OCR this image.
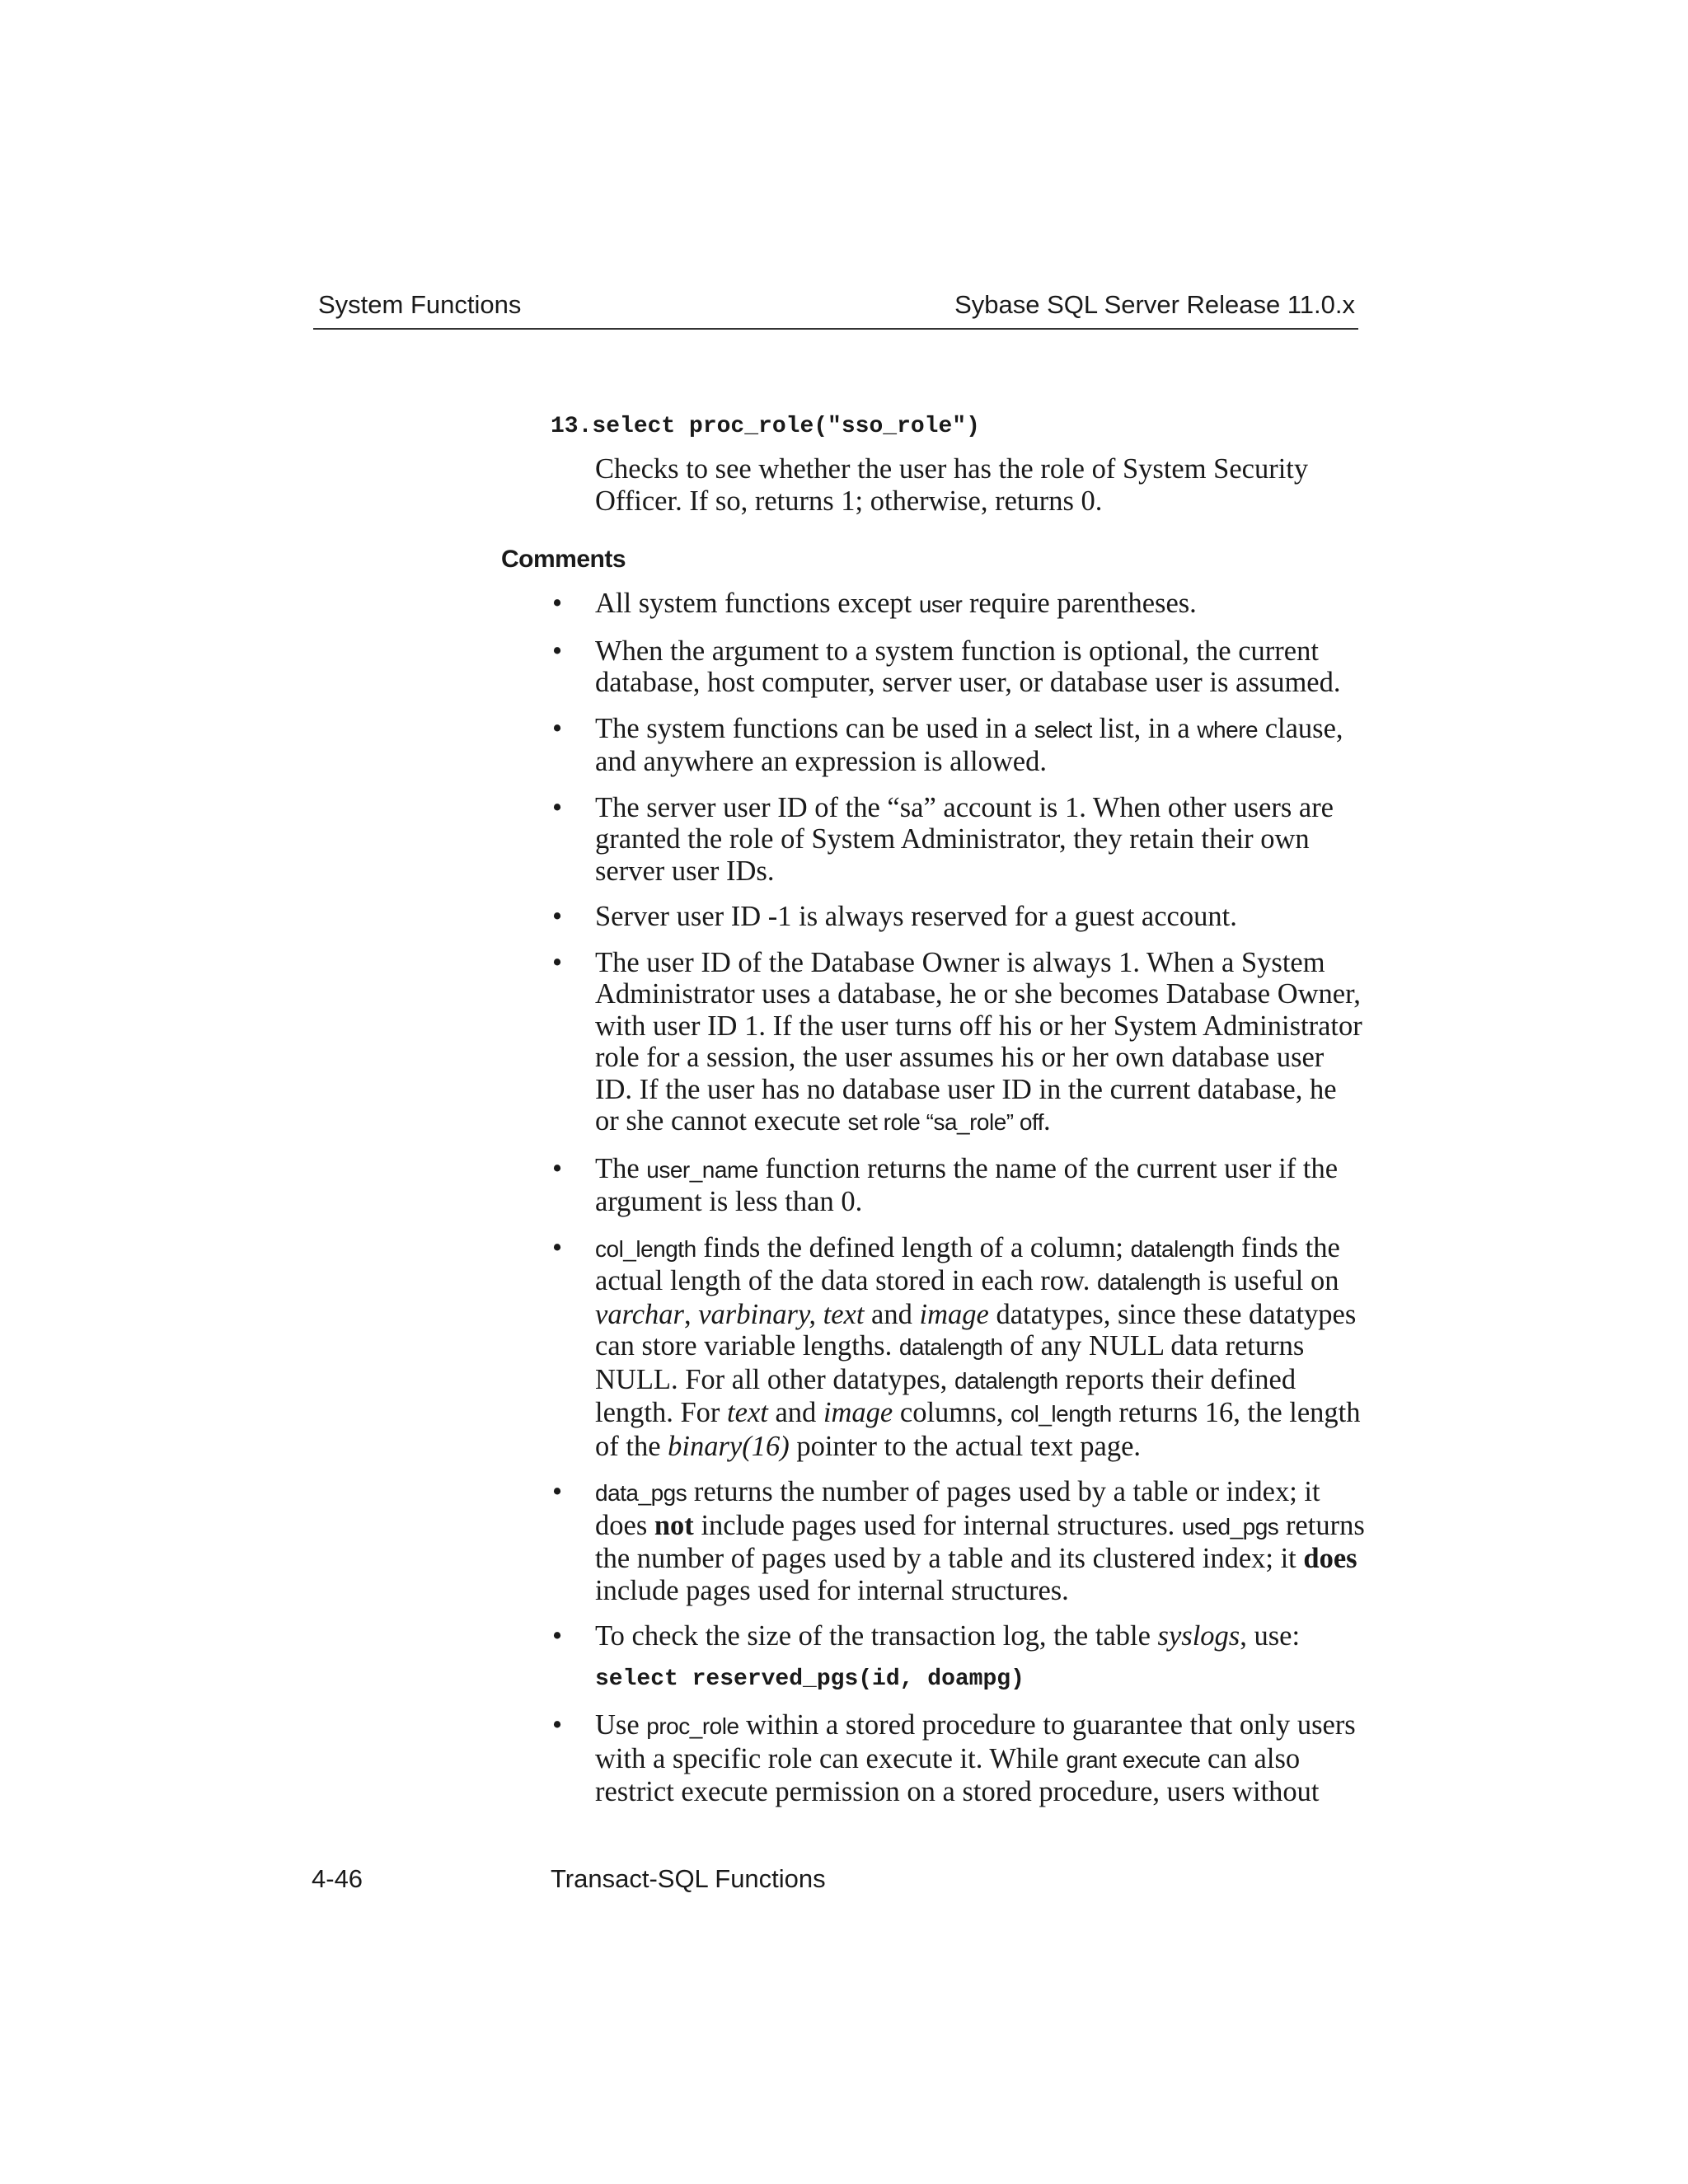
System Functions	Sybase SQL Server Release 11.0.x
13.select proc_role("sso_role")
Checks to see whether the user has the role of System Security Officer. If so, returns 1; otherwise, returns 0.
Comments
• All system functions except user require parentheses.
• When the argument to a system function is optional, the current database, host computer, server user, or database user is assumed.
• The system functions can be used in a select list, in a where clause, and anywhere an expression is allowed.
• The server user ID of the “sa” account is 1. When other users are granted the role of System Administrator, they retain their own server user IDs.
• Server user ID -1 is always reserved for a guest account.
• The user ID of the Database Owner is always 1. When a System Administrator uses a database, he or she becomes Database Owner, with user ID 1. If the user turns off his or her System Administrator role for a session, the user assumes his or her own database user ID. If the user has no database user ID in the current database, he or she cannot execute set role “sa_role” off.
• The user_name function returns the name of the current user if the argument is less than 0.
• col_length finds the defined length of a column; datalength finds the actual length of the data stored in each row. datalength is useful on varchar, varbinary, text and image datatypes, since these datatypes can store variable lengths. datalength of any NULL data returns NULL. For all other datatypes, datalength reports their defined length. For text and image columns, col_length returns 16, the length of the binary(16) pointer to the actual text page.
• data_pgs returns the number of pages used by a table or index; it does not include pages used for internal structures. used_pgs returns the number of pages used by a table and its clustered index; it does include pages used for internal structures.
• To check the size of the transaction log, the table syslogs, use:
select reserved_pgs(id, doampg)
• Use proc_role within a stored procedure to guarantee that only users with a specific role can execute it. While grant execute can also restrict execute permission on a stored procedure, users without
4-46	Transact-SQL Functions
